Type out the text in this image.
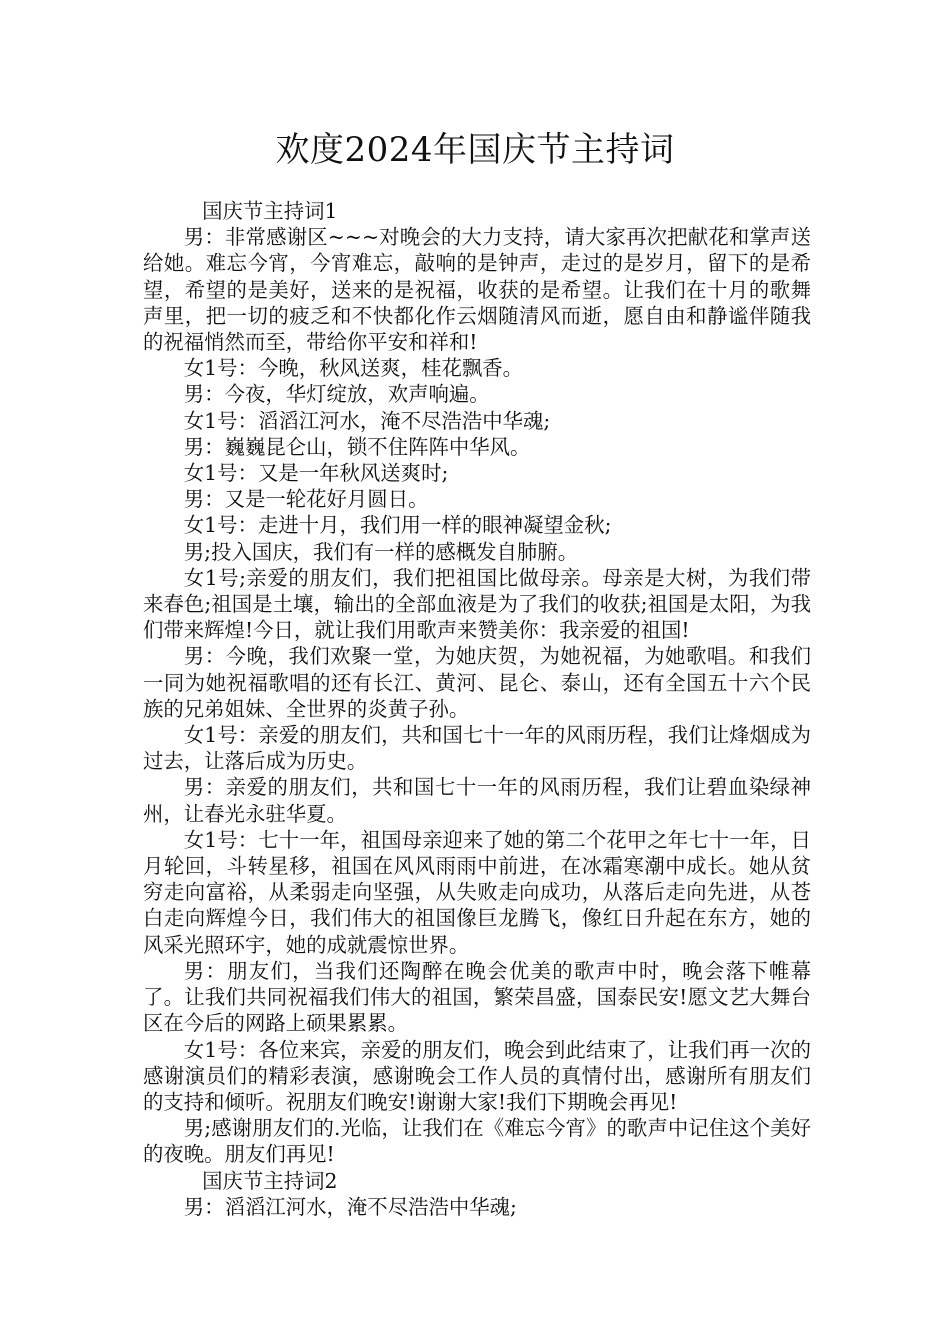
欢度2024年国庆节主持词

国庆节主持词1

男：非常感谢区~~~对晚会的大力支持，请大家再次把献花和掌声送给她。难忘今宵，今宵难忘，敲响的是钟声，走过的是岁月，留下的是希望，希望的是美好，送来的是祝福，收获的是希望。让我们在十月的歌舞声里，把一切的疲乏和不快都化作云烟随清风而逝，愿自由和静谧伴随我的祝福悄然而至，带给你平安和祥和!

女1号：今晚，秋风送爽，桂花飘香。

男：今夜，华灯绽放，欢声响遍。

女1号：滔滔江河水，淹不尽浩浩中华魂;

男：巍巍昆仑山，锁不住阵阵中华风。

女1号：又是一年秋风送爽时;

男：又是一轮花好月圆日。

女1号：走进十月，我们用一样的眼神凝望金秋;

男;投入国庆，我们有一样的感概发自肺腑。

女1号;亲爱的朋友们，我们把祖国比做母亲。母亲是大树，为我们带来春色;祖国是土壤，输出的全部血液是为了我们的收获;祖国是太阳，为我们带来辉煌!今日，就让我们用歌声来赞美你：我亲爱的祖国!

男：今晚，我们欢聚一堂，为她庆贺，为她祝福，为她歌唱。和我们一同为她祝福歌唱的还有长江、黄河、昆仑、泰山，还有全国五十六个民族的兄弟姐妹、全世界的炎黄子孙。

女1号：亲爱的朋友们，共和国七十一年的风雨历程，我们让烽烟成为过去，让落后成为历史。

男：亲爱的朋友们，共和国七十一年的风雨历程，我们让碧血染绿神州，让春光永驻华夏。

女1号：七十一年，祖国母亲迎来了她的第二个花甲之年七十一年，日月轮回，斗转星移，祖国在风风雨雨中前进，在冰霜寒潮中成长。她从贫穷走向富裕，从柔弱走向坚强，从失败走向成功，从落后走向先进，从苍白走向辉煌今日，我们伟大的祖国像巨龙腾飞，像红日升起在东方，她的风采光照环宇，她的成就震惊世界。

男：朋友们，当我们还陶醉在晚会优美的歌声中时，晚会落下帷幕了。让我们共同祝福我们伟大的祖国，繁荣昌盛，国泰民安!愿文艺大舞台区在今后的网路上硕果累累。

女1号：各位来宾，亲爱的朋友们，晚会到此结束了，让我们再一次的感谢演员们的精彩表演，感谢晚会工作人员的真情付出，感谢所有朋友们的支持和倾听。祝朋友们晚安!谢谢大家!我们下期晚会再见!

男;感谢朋友们的.光临，让我们在《难忘今宵》的歌声中记住这个美好的夜晚。朋友们再见!

国庆节主持词2

男：滔滔江河水，淹不尽浩浩中华魂;
